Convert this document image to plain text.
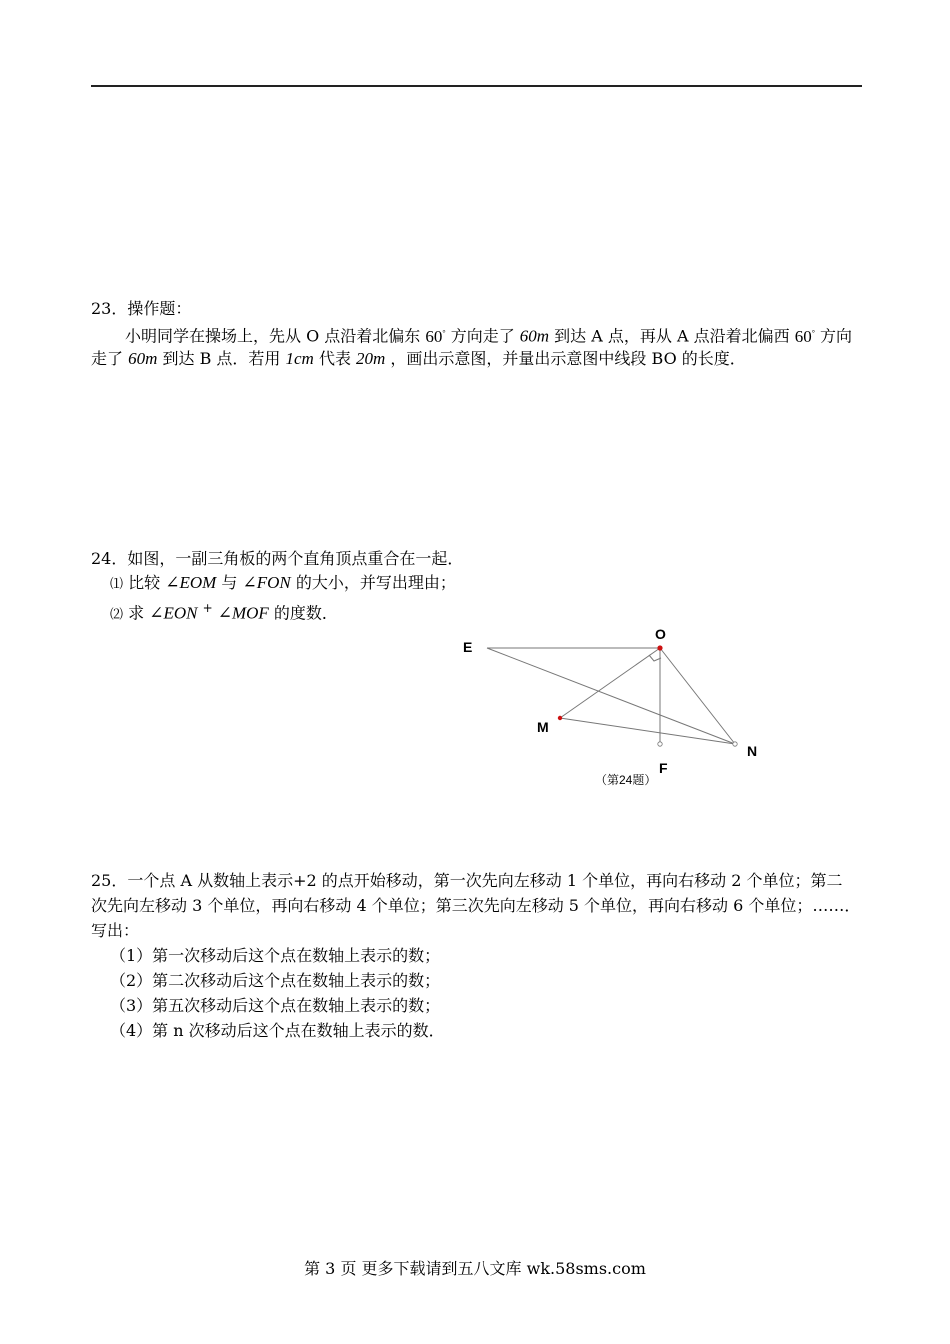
23．操作题：
小明同学在操场上，先从 O 点沿着北偏东 60° 方向走了 60m 到达 A 点，再从 A 点沿着北偏西 60° 方向
走了 60m 到达 B 点．若用 1cm 代表 20m ，画出示意图，并量出示意图中线段 BO 的长度．
24．如图，一副三角板的两个直角顶点重合在一起．
⑴ 比较 ∠EOM 与 ∠FON 的大小，并写出理由；
⑵ 求 ∠EON + ∠MOF 的度数．
O
E
M
N
F
（第24题）
25．一个点 A 从数轴上表示+2 的点开始移动，第一次先向左移动 1 个单位，再向右移动 2 个单位；第二
次先向左移动 3 个单位，再向右移动 4 个单位；第三次先向左移动 5 个单位，再向右移动 6 个单位；……．
写出：
（1）第一次移动后这个点在数轴上表示的数；
（2）第二次移动后这个点在数轴上表示的数；
（3）第五次移动后这个点在数轴上表示的数；
（4）第 n 次移动后这个点在数轴上表示的数．
第 3 页 更多下载请到五八文库 wk.58sms.com
